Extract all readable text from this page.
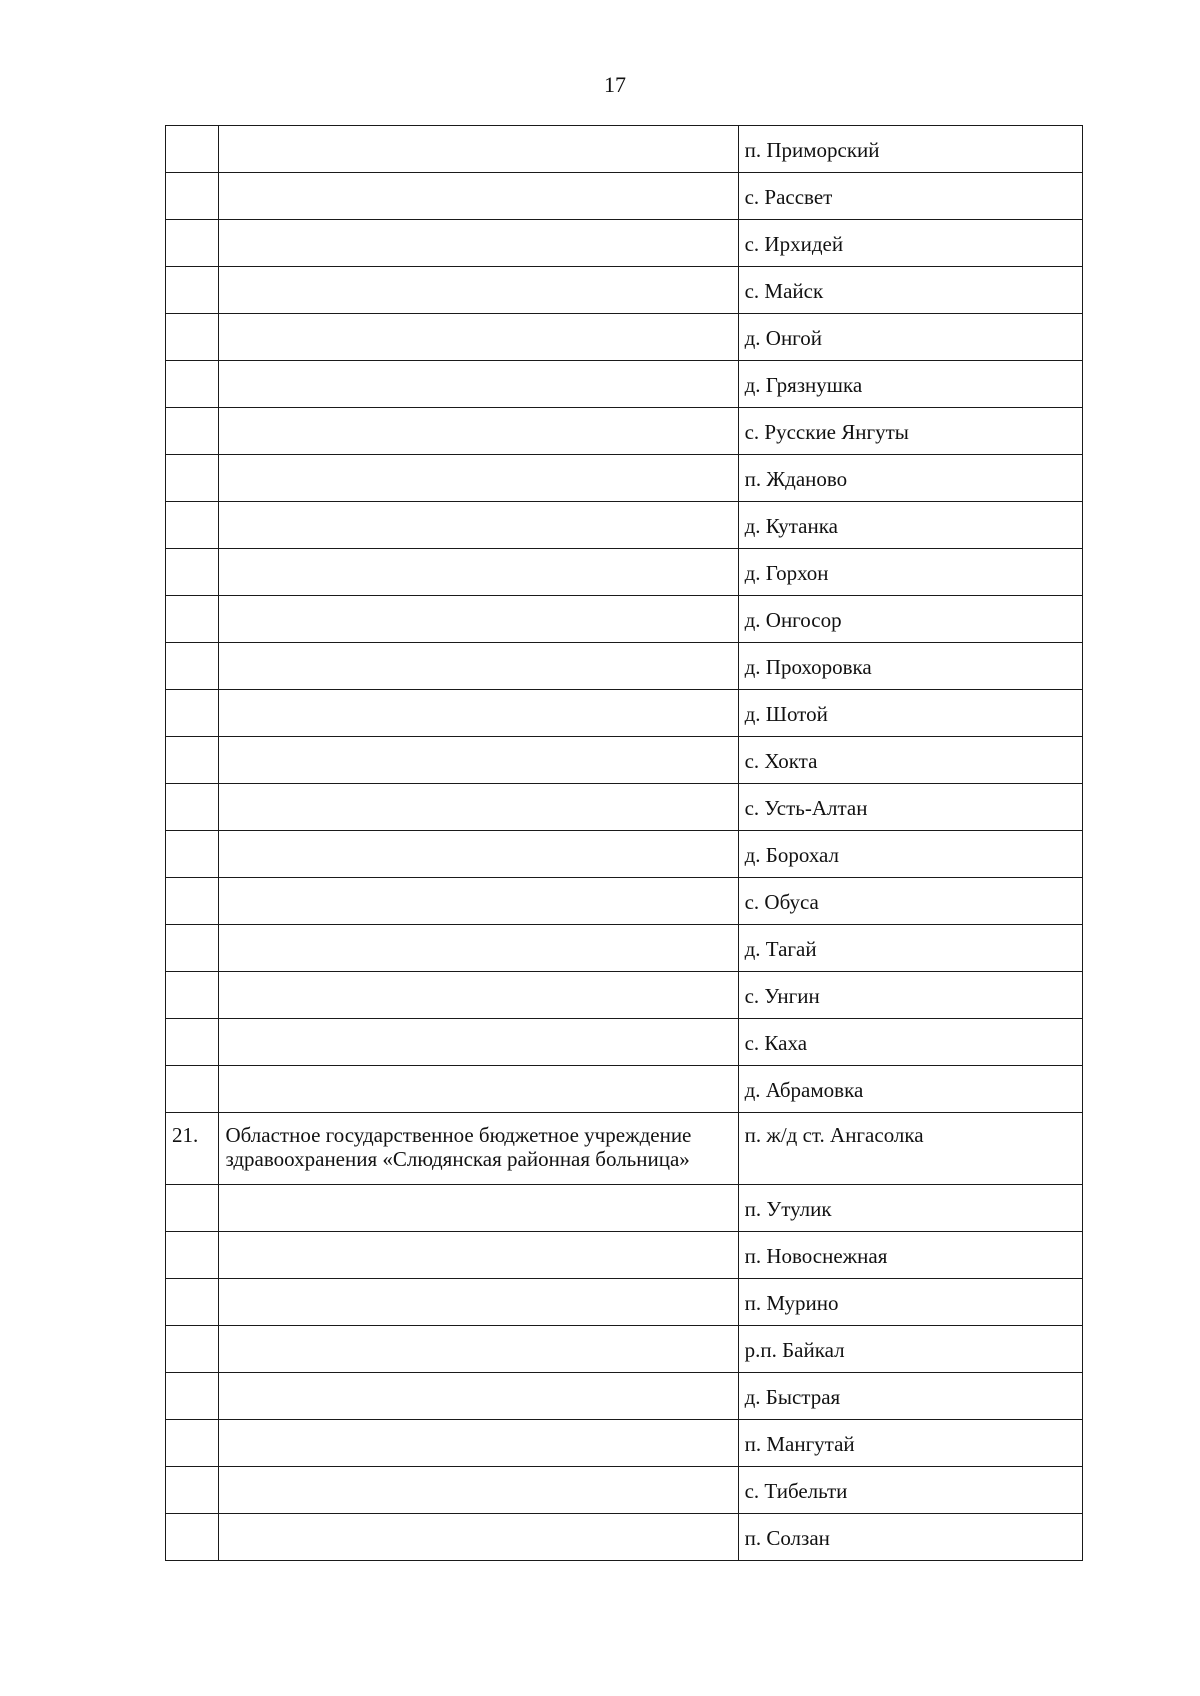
17
		п. Приморский
		с. Рассвет
		с. Ирхидей
		с. Майск
		д. Онгой
		д. Грязнушка
		с. Русские Янгуты
		п. Жданово
		д. Кутанка
		д. Горхон
		д. Онгосор
		д. Прохоровка
		д. Шотой
		с. Хокта
		с. Усть-Алтан
		д. Борохал
		с. Обуса
		д. Тагай
		с. Унгин
		с. Каха
		д. Абрамовка
21.	Областное государственное бюджетное учреждение здравоохранения «Слюдянская районная больница»	п. ж/д ст. Ангасолка
		п. Утулик
		п. Новоснежная
		п. Мурино
		р.п. Байкал
		д. Быстрая
		п. Мангутай
		с. Тибельти
		п. Солзан
